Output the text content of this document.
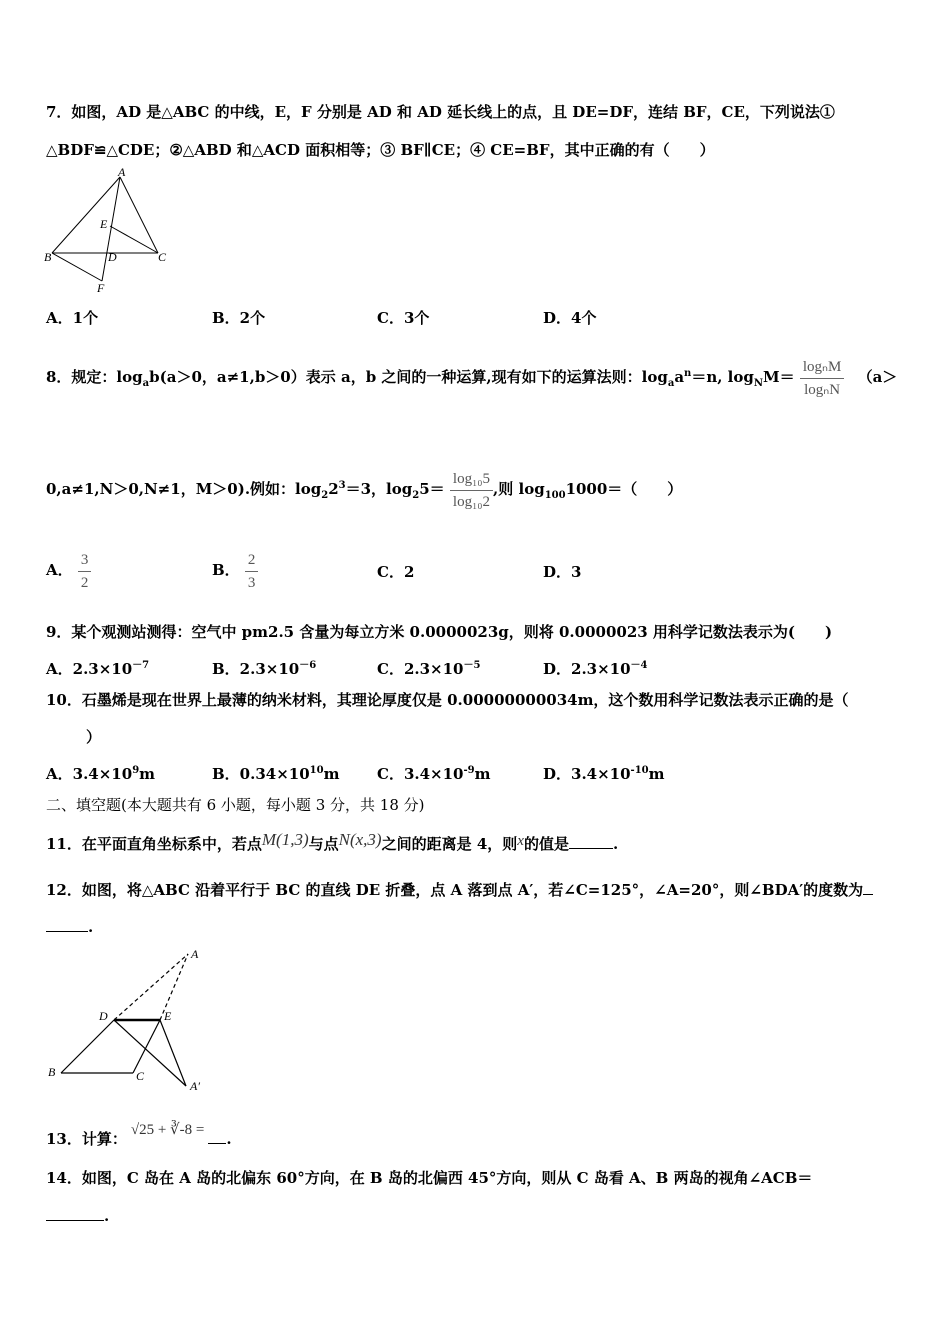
7．如图，AD 是△ABC 的中线，E，F 分别是 AD 和 AD 延长线上的点，且 DE=DF，连结 BF，CE，下列说法①
△BDF≌△CDE；②△ABD 和△ACD 面积相等；③ BF∥CE；④ CE=BF，其中正确的有（　　）
A
E
B	D	C
F
A．1个	B．2个	C．3个	D．4个
8．规定：$\log_ab(a>0$，a≠1,b＞0）表示 a，b 之间的一种运算,现有如下的运算法则：$\log_aa^n=n$, $\log_NM= \frac{\text{logₙM}}{\text{logₙN}} (a>$
0,a≠1,N＞0,N≠1，M＞0).例如：$\log_22^3=3$，$\log_25= \frac{\text{log₁₀5}}{\text{log₁₀2}}$ ,则 $\log_{100}1000=$（　　）
A． $\frac{3}{2}$	B． $\frac{2}{3}$	C．2	D．3
9．某个观测站测得：空气中 pm2.5 含量为每立方米 0.0000023g，则将 0.0000023 用科学记数法表示为(　　)
A．$2.3\times 10^{-7}$	B．$2.3\times 10^{-6}$	C．$2.3\times 10^{-5}$	D．$2.3\times 10^{-4}$
10．石墨烯是现在世界上最薄的纳米材料，其理论厚度仅是 0.00000000034m，这个数用科学记数法表示正确的是（
）
A．$3.4\times 10^9m$	B．$0.34\times 10^{10}m$	C．$3.4\times 10^{-9}m$	D．$3.4\times 10^{-10}m$
二、填空题(本大题共有 6 小题，每小题 3 分，共 18 分)
11．在平面直角坐标系中，若点M(1,3)与点N(x,3)之间的距离是 4，则x的值是	.
12．如图，将△ABC 沿着平行于 BC 的直线 DE 折叠，点 A 落到点 A′，若∠C=125°，∠A=20°，则∠BDA′的度数为
.
A
D	E
B	C
A′
13．计算： √25 + ∛-8 = .
14．如图，C 岛在 A 岛的北偏东 60°方向，在 B 岛的北偏西 45°方向，则从 C 岛看 A、B 两岛的视角∠ACB＝
.
